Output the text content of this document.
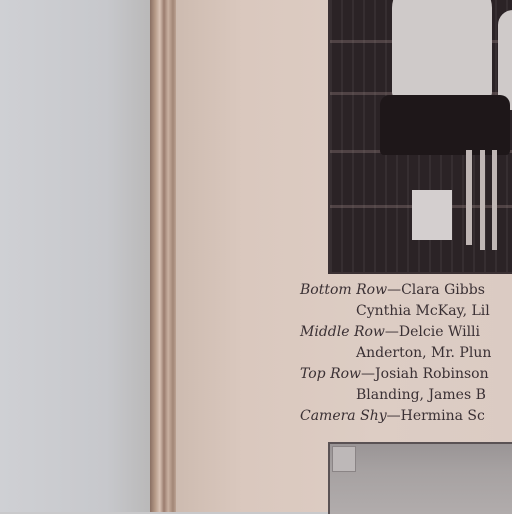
Bottom Row—Clara Gibbs
Cynthia McKay, Lil
Middle Row—Delcie Willi
Anderton, Mr. Plun
Top Row—Josiah Robinson
Blanding, James B
Camera Shy—Hermina Sc
